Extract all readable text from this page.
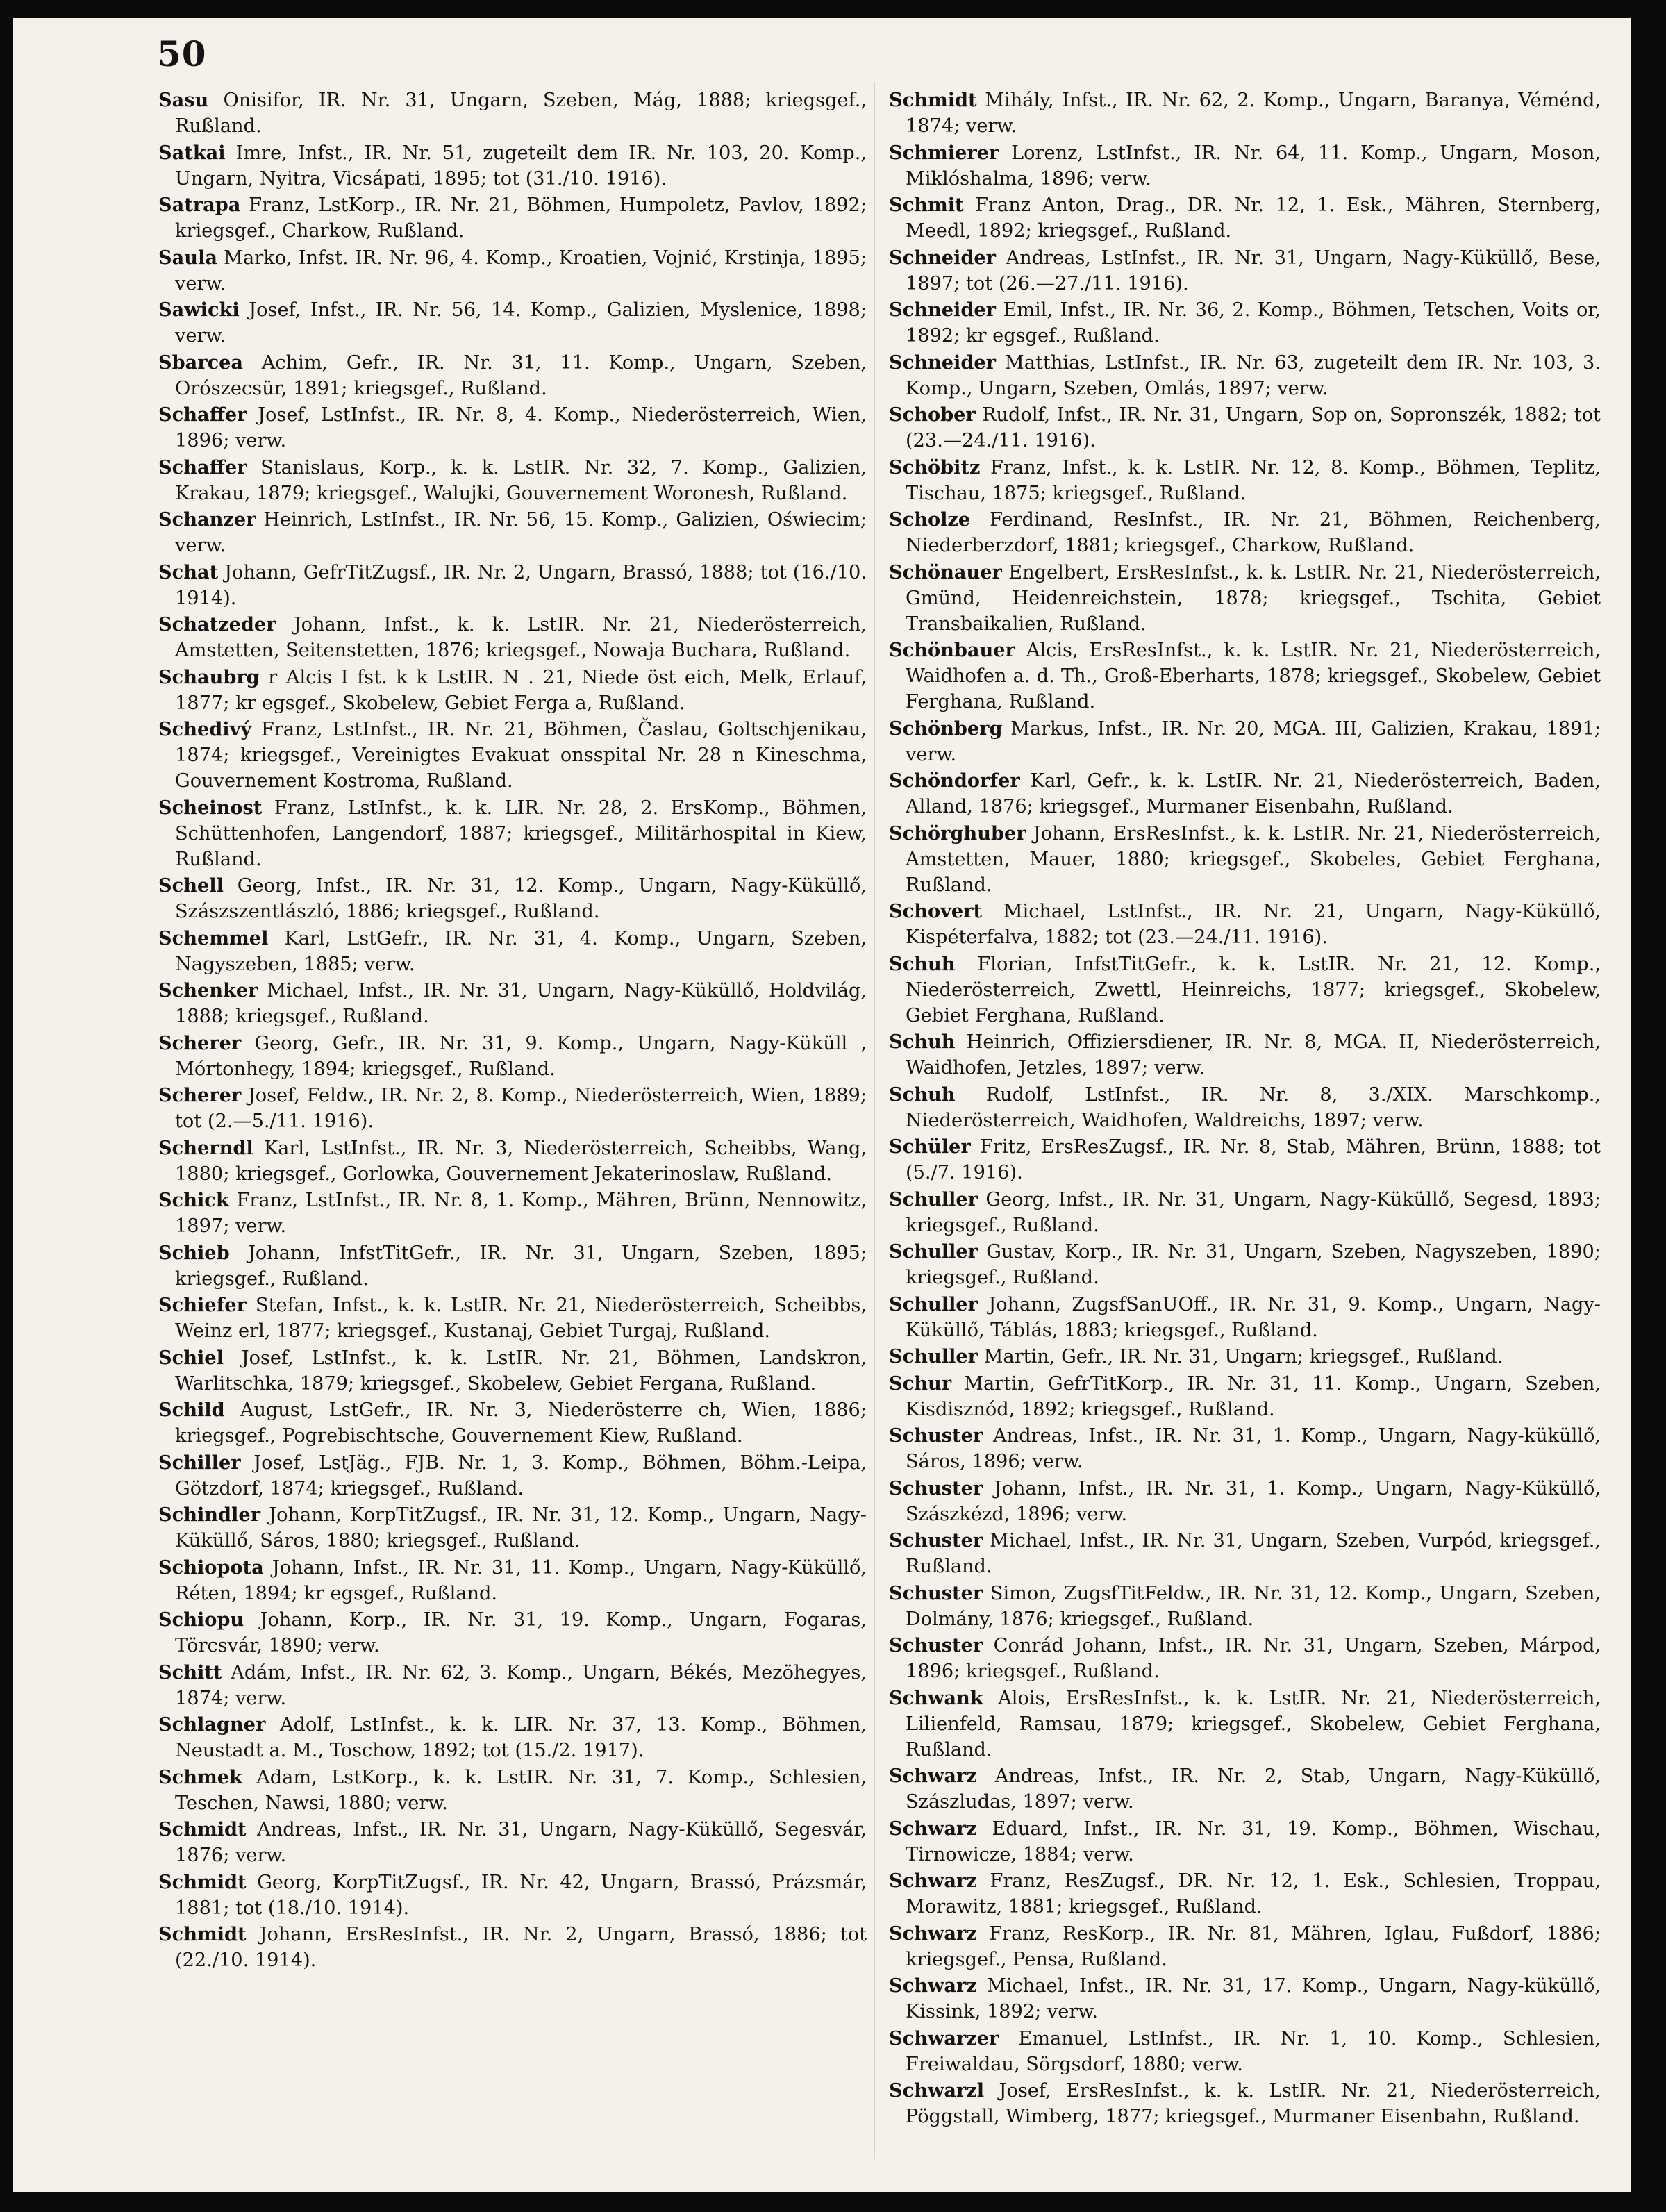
50
Sasu Onisifor, IR. Nr. 31, Ungarn, Szeben, Mág, 1888; kriegsgef., Rußland.
Satkai Imre, Infst., IR. Nr. 51, zugeteilt dem IR. Nr. 103, 20. Komp., Ungarn, Nyitra, Vicsápati, 1895; tot (31./10. 1916).
Satrapa Franz, LstKorp., IR. Nr. 21, Böhmen, Humpoletz, Pavlov, 1892; kriegsgef., Charkow, Rußland.
Saula Marko, Infst. IR. Nr. 96, 4. Komp., Kroatien, Vojnić, Krstinja, 1895; verw.
Sawicki Josef, Infst., IR. Nr. 56, 14. Komp., Galizien, Myslenice, 1898; verw.
Sbarcea Achim, Gefr., IR. Nr. 31, 11. Komp., Ungarn, Szeben, Orószecsür, 1891; kriegsgef., Rußland.
Schaffer Josef, LstInfst., IR. Nr. 8, 4. Komp., Niederösterreich, Wien, 1896; verw.
Schaffer Stanislaus, Korp., k. k. LstIR. Nr. 32, 7. Komp., Galizien, Krakau, 1879; kriegsgef., Walujki, Gouvernement Woronesh, Rußland.
Schanzer Heinrich, LstInfst., IR. Nr. 56, 15. Komp., Galizien, Oświecim; verw.
Schat Johann, GefrTitZugsf., IR. Nr. 2, Ungarn, Brassó, 1888; tot (16./10. 1914).
Schatzeder Johann, Infst., k. k. LstIR. Nr. 21, Niederösterreich, Amstetten, Seitenstetten, 1876; kriegsgef., Nowaja Buchara, Rußland.
Schaubrg r Alcis I fst. k k LstIR. N . 21, Niede öst eich, Melk, Erlauf, 1877; kr egsgef., Skobelew, Gebiet Ferga a, Rußland.
Schedivý Franz, LstInfst., IR. Nr. 21, Böhmen, Časlau, Goltschjenikau, 1874; kriegsgef., Vereinigtes Evakuat onsspital Nr. 28 n Kineschma, Gouvernement Kostroma, Rußland.
Scheinost Franz, LstInfst., k. k. LIR. Nr. 28, 2. ErsKomp., Böhmen, Schüttenhofen, Langendorf, 1887; kriegsgef., Militärhospital in Kiew, Rußland.
Schell Georg, Infst., IR. Nr. 31, 12. Komp., Ungarn, Nagy-Küküllő, Szászszentlászló, 1886; kriegsgef., Rußland.
Schemmel Karl, LstGefr., IR. Nr. 31, 4. Komp., Ungarn, Szeben, Nagyszeben, 1885; verw.
Schenker Michael, Infst., IR. Nr. 31, Ungarn, Nagy-Küküllő, Holdvilág, 1888; kriegsgef., Rußland.
Scherer Georg, Gefr., IR. Nr. 31, 9. Komp., Ungarn, Nagy-Küküll , Mórtonhegy, 1894; kriegsgef., Rußland.
Scherer Josef, Feldw., IR. Nr. 2, 8. Komp., Niederösterreich, Wien, 1889; tot (2.—5./11. 1916).
Scherndl Karl, LstInfst., IR. Nr. 3, Niederösterreich, Scheibbs, Wang, 1880; kriegsgef., Gorlowka, Gouvernement Jekaterinoslaw, Rußland.
Schick Franz, LstInfst., IR. Nr. 8, 1. Komp., Mähren, Brünn, Nennowitz, 1897; verw.
Schieb Johann, InfstTitGefr., IR. Nr. 31, Ungarn, Szeben, 1895; kriegsgef., Rußland.
Schiefer Stefan, Infst., k. k. LstIR. Nr. 21, Niederösterreich, Scheibbs, Weinz erl, 1877; kriegsgef., Kustanaj, Gebiet Turgaj, Rußland.
Schiel Josef, LstInfst., k. k. LstIR. Nr. 21, Böhmen, Landskron, Warlitschka, 1879; kriegsgef., Skobelew, Gebiet Fergana, Rußland.
Schild August, LstGefr., IR. Nr. 3, Niederösterre ch, Wien, 1886; kriegsgef., Pogrebischtsche, Gouvernement Kiew, Rußland.
Schiller Josef, LstJäg., FJB. Nr. 1, 3. Komp., Böhmen, Böhm.-Leipa, Götzdorf, 1874; kriegsgef., Rußland.
Schindler Johann, KorpTitZugsf., IR. Nr. 31, 12. Komp., Ungarn, Nagy-Küküllő, Sáros, 1880; kriegsgef., Rußland.
Schiopota Johann, Infst., IR. Nr. 31, 11. Komp., Ungarn, Nagy-Küküllő, Réten, 1894; kr egsgef., Rußland.
Schiopu Johann, Korp., IR. Nr. 31, 19. Komp., Ungarn, Fogaras, Törcsvár, 1890; verw.
Schitt Adám, Infst., IR. Nr. 62, 3. Komp., Ungarn, Békés, Mezöhegyes, 1874; verw.
Schlagner Adolf, LstInfst., k. k. LIR. Nr. 37, 13. Komp., Böhmen, Neustadt a. M., Toschow, 1892; tot (15./2. 1917).
Schmek Adam, LstKorp., k. k. LstIR. Nr. 31, 7. Komp., Schlesien, Teschen, Nawsi, 1880; verw.
Schmidt Andreas, Infst., IR. Nr. 31, Ungarn, Nagy-Küküllő, Segesvár, 1876; verw.
Schmidt Georg, KorpTitZugsf., IR. Nr. 42, Ungarn, Brassó, Prázsmár, 1881; tot (18./10. 1914).
Schmidt Johann, ErsResInfst., IR. Nr. 2, Ungarn, Brassó, 1886; tot (22./10. 1914).
Schmidt Mihály, Infst., IR. Nr. 62, 2. Komp., Ungarn, Baranya, Véménd, 1874; verw.
Schmierer Lorenz, LstInfst., IR. Nr. 64, 11. Komp., Ungarn, Moson, Miklóshalma, 1896; verw.
Schmit Franz Anton, Drag., DR. Nr. 12, 1. Esk., Mähren, Sternberg, Meedl, 1892; kriegsgef., Rußland.
Schneider Andreas, LstInfst., IR. Nr. 31, Ungarn, Nagy-Küküllő, Bese, 1897; tot (26.—27./11. 1916).
Schneider Emil, Infst., IR. Nr. 36, 2. Komp., Böhmen, Tetschen, Voits or, 1892; kr egsgef., Rußland.
Schneider Matthias, LstInfst., IR. Nr. 63, zugeteilt dem IR. Nr. 103, 3. Komp., Ungarn, Szeben, Omlás, 1897; verw.
Schober Rudolf, Infst., IR. Nr. 31, Ungarn, Sop on, Sopronszék, 1882; tot (23.—24./11. 1916).
Schöbitz Franz, Infst., k. k. LstIR. Nr. 12, 8. Komp., Böhmen, Teplitz, Tischau, 1875; kriegsgef., Rußland.
Scholze Ferdinand, ResInfst., IR. Nr. 21, Böhmen, Reichenberg, Niederberzdorf, 1881; kriegsgef., Charkow, Rußland.
Schönauer Engelbert, ErsResInfst., k. k. LstIR. Nr. 21, Niederösterreich, Gmünd, Heidenreichstein, 1878; kriegsgef., Tschita, Gebiet Transbaikalien, Rußland.
Schönbauer Alcis, ErsResInfst., k. k. LstIR. Nr. 21, Niederösterreich, Waidhofen a. d. Th., Groß-Eberharts, 1878; kriegsgef., Skobelew, Gebiet Ferghana, Rußland.
Schönberg Markus, Infst., IR. Nr. 20, MGA. III, Galizien, Krakau, 1891; verw.
Schöndorfer Karl, Gefr., k. k. LstIR. Nr. 21, Niederösterreich, Baden, Alland, 1876; kriegsgef., Murmaner Eisenbahn, Rußland.
Schörghuber Johann, ErsResInfst., k. k. LstIR. Nr. 21, Niederösterreich, Amstetten, Mauer, 1880; kriegsgef., Skobeles, Gebiet Ferghana, Rußland.
Schovert Michael, LstInfst., IR. Nr. 21, Ungarn, Nagy-Küküllő, Kispéterfalva, 1882; tot (23.—24./11. 1916).
Schuh Florian, InfstTitGefr., k. k. LstIR. Nr. 21, 12. Komp., Niederösterreich, Zwettl, Heinreichs, 1877; kriegsgef., Skobelew, Gebiet Ferghana, Rußland.
Schuh Heinrich, Offiziersdiener, IR. Nr. 8, MGA. II, Niederösterreich, Waidhofen, Jetzles, 1897; verw.
Schuh Rudolf, LstInfst., IR. Nr. 8, 3./XIX. Marschkomp., Niederösterreich, Waidhofen, Waldreichs, 1897; verw.
Schüler Fritz, ErsResZugsf., IR. Nr. 8, Stab, Mähren, Brünn, 1888; tot (5./7. 1916).
Schuller Georg, Infst., IR. Nr. 31, Ungarn, Nagy-Küküllő, Segesd, 1893; kriegsgef., Rußland.
Schuller Gustav, Korp., IR. Nr. 31, Ungarn, Szeben, Nagyszeben, 1890; kriegsgef., Rußland.
Schuller Johann, ZugsfSanUOff., IR. Nr. 31, 9. Komp., Ungarn, Nagy-Küküllő, Táblás, 1883; kriegsgef., Rußland.
Schuller Martin, Gefr., IR. Nr. 31, Ungarn; kriegsgef., Rußland.
Schur Martin, GefrTitKorp., IR. Nr. 31, 11. Komp., Ungarn, Szeben, Kisdisznód, 1892; kriegsgef., Rußland.
Schuster Andreas, Infst., IR. Nr. 31, 1. Komp., Ungarn, Nagy-küküllő, Sáros, 1896; verw.
Schuster Johann, Infst., IR. Nr. 31, 1. Komp., Ungarn, Nagy-Küküllő, Szászkézd, 1896; verw.
Schuster Michael, Infst., IR. Nr. 31, Ungarn, Szeben, Vurpód, kriegsgef., Rußland.
Schuster Simon, ZugsfTitFeldw., IR. Nr. 31, 12. Komp., Ungarn, Szeben, Dolmány, 1876; kriegsgef., Rußland.
Schuster Conrád Johann, Infst., IR. Nr. 31, Ungarn, Szeben, Márpod, 1896; kriegsgef., Rußland.
Schwank Alois, ErsResInfst., k. k. LstIR. Nr. 21, Niederösterreich, Lilienfeld, Ramsau, 1879; kriegsgef., Skobelew, Gebiet Ferghana, Rußland.
Schwarz Andreas, Infst., IR. Nr. 2, Stab, Ungarn, Nagy-Küküllő, Szászludas, 1897; verw.
Schwarz Eduard, Infst., IR. Nr. 31, 19. Komp., Böhmen, Wischau, Tirnowicze, 1884; verw.
Schwarz Franz, ResZugsf., DR. Nr. 12, 1. Esk., Schlesien, Troppau, Morawitz, 1881; kriegsgef., Rußland.
Schwarz Franz, ResKorp., IR. Nr. 81, Mähren, Iglau, Fußdorf, 1886; kriegsgef., Pensa, Rußland.
Schwarz Michael, Infst., IR. Nr. 31, 17. Komp., Ungarn, Nagy-küküllő, Kissink, 1892; verw.
Schwarzer Emanuel, LstInfst., IR. Nr. 1, 10. Komp., Schlesien, Freiwaldau, Sörgsdorf, 1880; verw.
Schwarzl Josef, ErsResInfst., k. k. LstIR. Nr. 21, Niederösterreich, Pöggstall, Wimberg, 1877; kriegsgef., Murmaner Eisenbahn, Rußland.
